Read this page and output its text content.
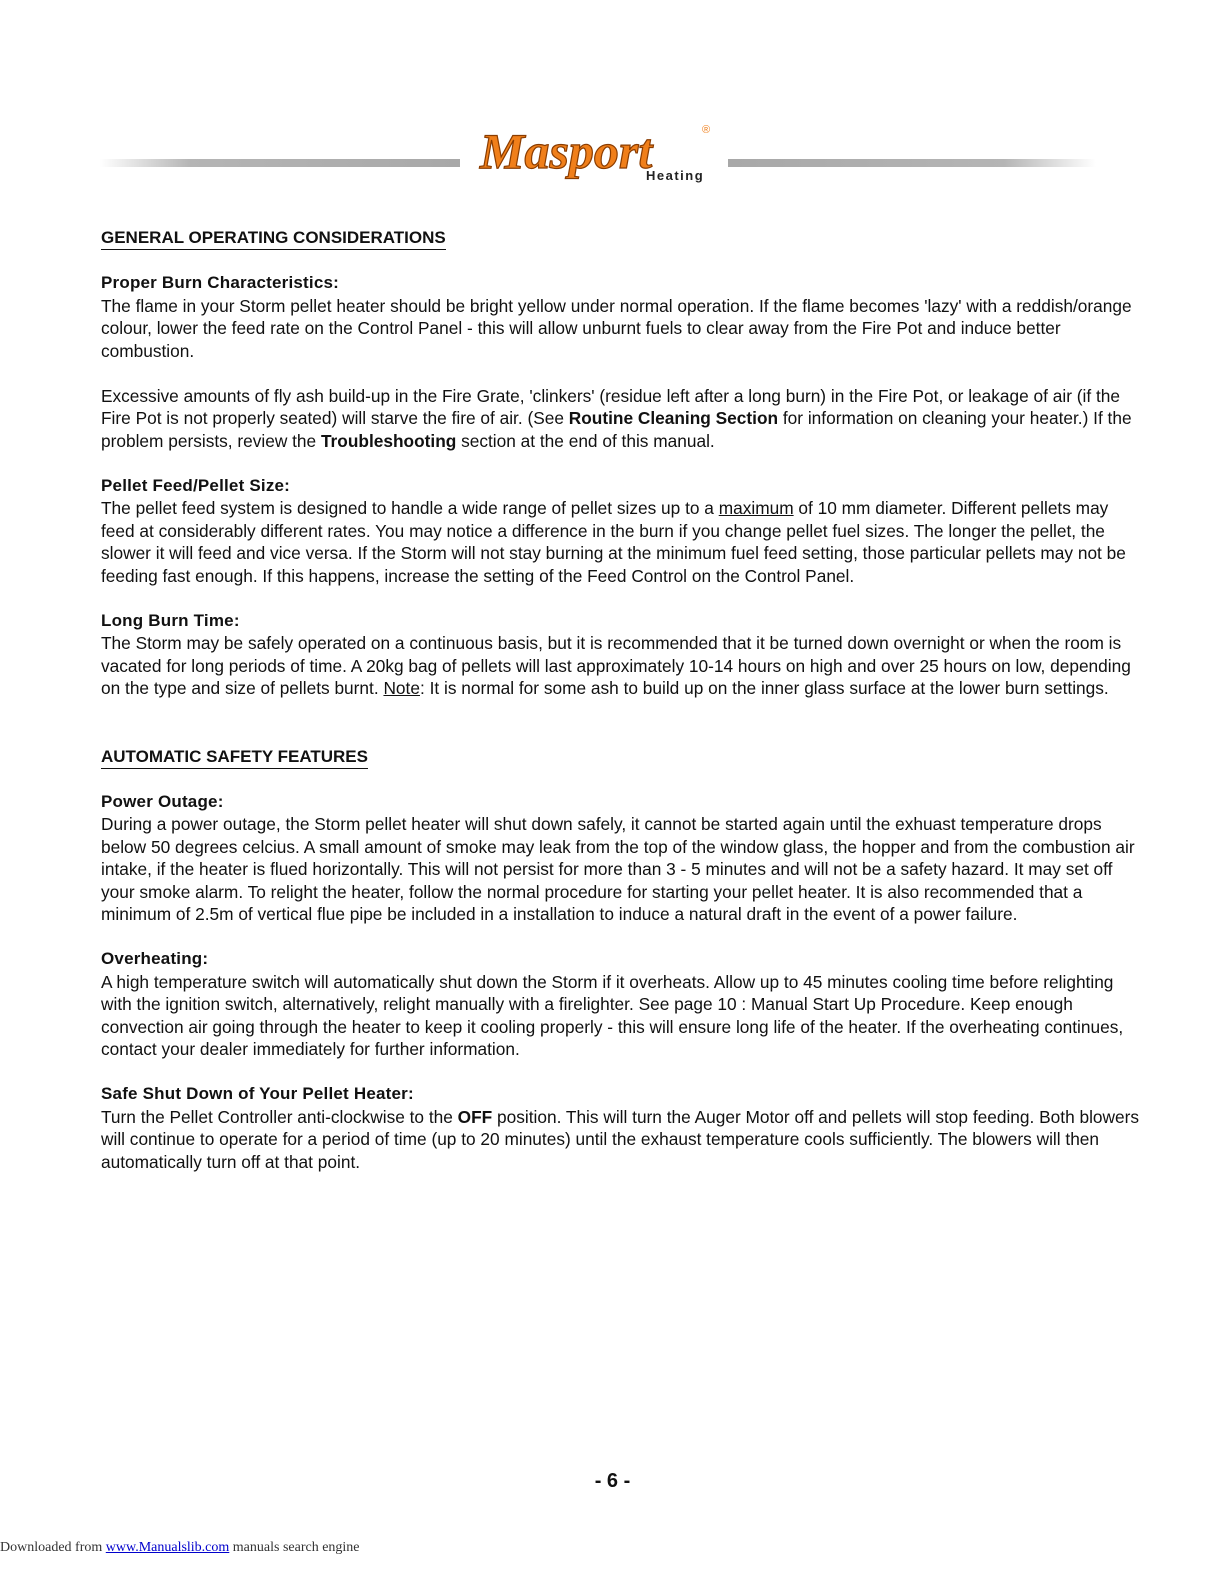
Masport	®
Heating
GENERAL OPERATING CONSIDERATIONS
Proper Burn Characteristics:

The flame in your Storm pellet heater should be bright yellow under normal operation. If the flame becomes 'lazy' with a reddish/orange colour, lower the feed rate on the Control Panel - this will allow unburnt fuels to clear away from the Fire Pot and induce better combustion.

Excessive amounts of fly ash build-up in the Fire Grate, 'clinkers' (residue left after a long burn) in the Fire Pot, or leakage of air (if the Fire Pot is not properly seated) will starve the fire of air. (See Routine Cleaning Section for information on cleaning your heater.) If the problem persists, review the Troubleshooting section at the end of this manual.

Pellet Feed/Pellet Size:

The pellet feed system is designed to handle a wide range of pellet sizes up to a maximum of 10 mm diameter. Different pellets may feed at considerably different rates. You may notice a difference in the burn if you change pellet fuel sizes. The longer the pellet, the slower it will feed and vice versa. If the Storm will not stay burning at the minimum fuel feed setting, those particular pellets may not be feeding fast enough. If this happens, increase the setting of the Feed Control on the Control Panel.

Long Burn Time:

The Storm may be safely operated on a continuous basis, but it is recommended that it be turned down overnight or when the room is vacated for long periods of time. A 20kg bag of pellets will last approximately 10-14 hours on high and over 25 hours on low, depending on the type and size of pellets burnt. Note: It is normal for some ash to build up on the inner glass surface at the lower burn settings.

AUTOMATIC SAFETY FEATURES
Power Outage:

During a power outage, the Storm pellet heater will shut down safely, it cannot be started again until the exhuast temperature drops below 50 degrees celcius. A small amount of smoke may leak from the top of the window glass, the hopper and from the combustion air intake, if the heater is flued horizontally. This will not persist for more than 3 - 5 minutes and will not be a safety hazard. It may set off your smoke alarm. To relight the heater, follow the normal procedure for starting your pellet heater. It is also recommended that a minimum of 2.5m of vertical flue pipe be included in a installation to induce a natural draft in the event of a power failure.

Overheating:

A high temperature switch will automatically shut down the Storm if it overheats. Allow up to 45 minutes cooling time before relighting with the ignition switch, alternatively, relight manually with a firelighter. See page 10 : Manual Start Up Procedure. Keep enough convection air going through the heater to keep it cooling properly - this will ensure long life of the heater. If the overheating continues, contact your dealer immediately for further information.

Safe Shut Down of Your Pellet Heater:

Turn the Pellet Controller anti-clockwise to the OFF position. This will turn the Auger Motor off and pellets will stop feeding. Both blowers will continue to operate for a period of time (up to 20 minutes) until the exhaust temperature cools sufficiently. The blowers will then automatically turn off at that point.

- 6 -
Downloaded from www.Manualslib.com manuals search engine
